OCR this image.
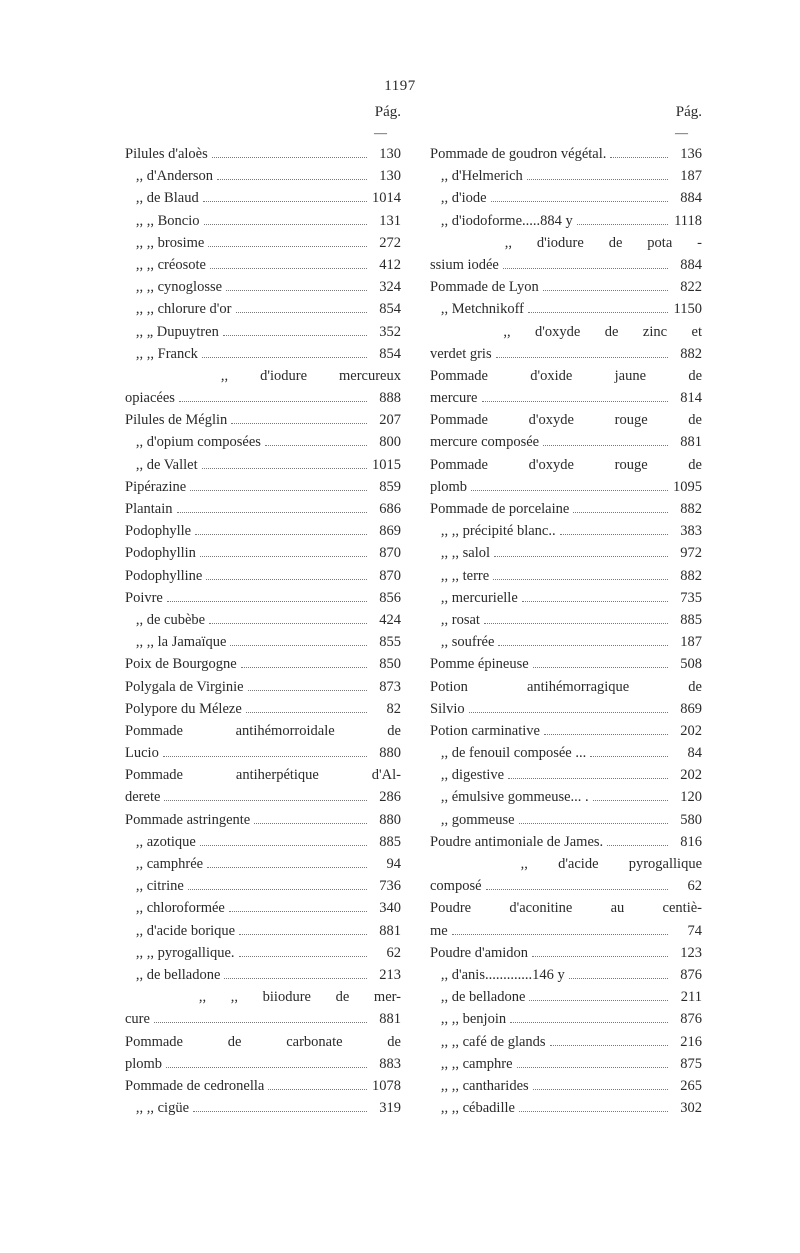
1197
Pág.
—
Pilules d'aloès	130
,, d'Anderson	130
,, de Blaud	1014
,, ,, Boncio	131
,, ,, brosime	272
,, ,, créosote	412
,, ,, cynoglosse	324
,, ,, chlorure d'or	854
,, „ Dupuytren	352
,, ,, Franck	854
,, d'iodure mercureux
opiacées	888
Pilules de Méglin	207
,, d'opium composées	800
,, de Vallet	1015
Pipérazine	859
Plantain	686
Podophylle	869
Podophyllin	870
Podophylline	870
Poivre	856
,, de cubèbe	424
,, ,, la Jamaïque	855
Poix de Bourgogne	850
Polygala de Virginie	873
Polypore du Méleze	82
Pommade antihémorroidale de
Lucio	880
Pommade antiherpétique d'Al-
derete	286
Pommade astringente	880
,, azotique	885
,, camphrée	94
,, citrine	736
,, chloroformée	340
,, d'acide borique	881
,, ,, pyrogallique.	62
,, de belladone	213
,, ,, biiodure de mer-
cure	881
Pommade de carbonate de
plomb	883
Pommade de cedronella	1078
,, ,, cigüe	319
Pág.
—
Pommade de goudron végétal.	136
,, d'Helmerich	187
,, d'iode	884
,, d'iodoforme.....884 y	1118
,, d'iodure de pota -
ssium iodée	884
Pommade de Lyon	822
,, Metchnikoff	1150
,, d'oxyde de zinc et
verdet gris	882
Pommade d'oxide jaune de
mercure	814
Pommade d'oxyde rouge de
mercure composée	881
Pommade d'oxyde rouge de
plomb	1095
Pommade de porcelaine	882
,, ,, précipité blanc..	383
,, ,, salol	972
,, ,, terre	882
,, mercurielle	735
,, rosat	885
,, soufrée	187
Pomme épineuse	508
Potion antihémorragique de
Silvio	869
Potion carminative	202
,, de fenouil composée ...	84
,, digestive	202
,, émulsive gommeuse... .	120
,, gommeuse	580
Poudre antimoniale de James.	816
,, d'acide pyrogallique
composé	62
Poudre d'aconitine au centiè-
me	74
Poudre d'amidon	123
,, d'anis.............146 y	876
,, de belladone	211
,, ,, benjoin	876
,, ,, café de glands	216
,, ,, camphre	875
,, ,, cantharides	265
,, ,, cébadille	302
